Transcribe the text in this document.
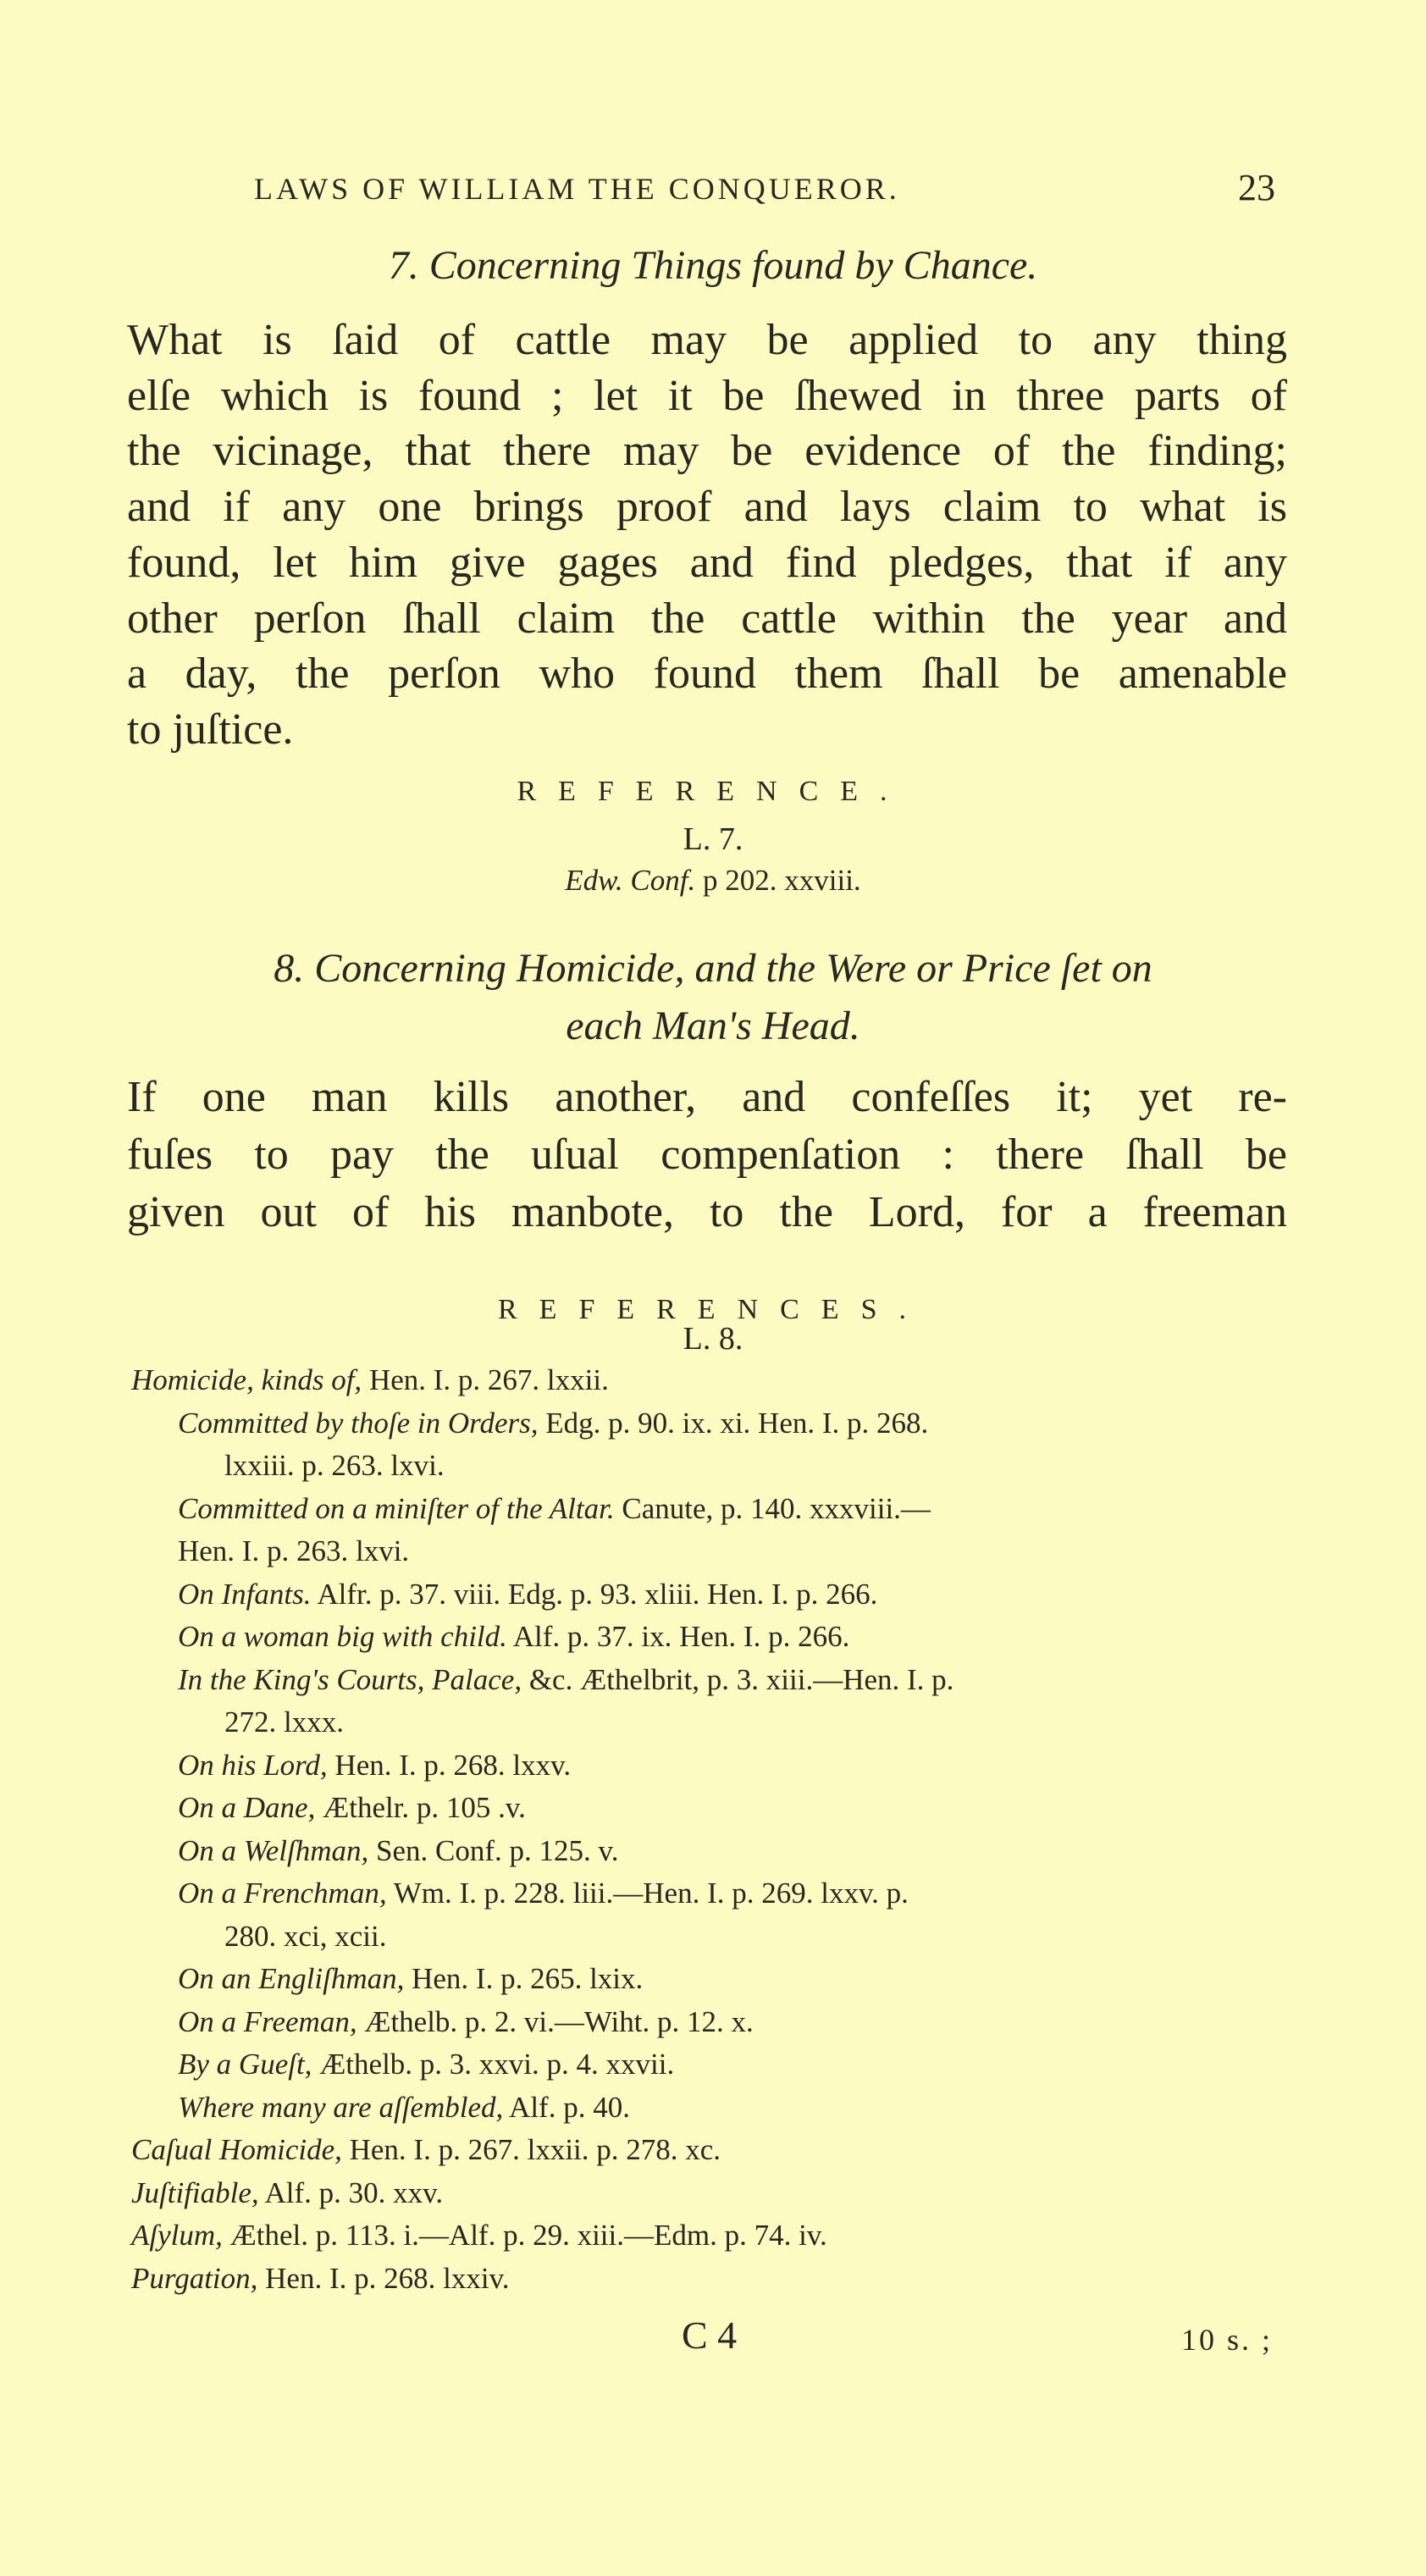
LAWS OF WILLIAM THE CONQUEROR.	23
7. Concerning Things found by Chance.
What is ſaid of cattle may be applied to any thing
elſe which is found ; let it be ſhewed in three parts of
the vicinage, that there may be evidence of the finding;
and if any one brings proof and lays claim to what is
found, let him give gages and find pledges, that if any
other perſon ſhall claim the cattle within the year and
a day, the perſon who found them ſhall be amenable
to juſtice.
REFERENCE.
L. 7.
Edw. Conf. p 202. xxviii.
8. Concerning Homicide, and the Were or Price ſet on
each Man's Head.
If one man kills another, and confeſſes it; yet re-
fuſes to pay the uſual compenſation : there ſhall be
given out of his manbote, to the Lord, for a freeman
REFERENCES.
L. 8.
Homicide, kinds of, Hen. I. p. 267. lxxii.
Committed by thoſe in Orders, Edg. p. 90. ix. xi. Hen. I. p. 268.
lxxiii. p. 263. lxvi.
Committed on a miniſter of the Altar. Canute, p. 140. xxxviii.—
Hen. I. p. 263. lxvi.
On Infants. Alfr. p. 37. viii. Edg. p. 93. xliii. Hen. I. p. 266.
On a woman big with child. Alf. p. 37. ix. Hen. I. p. 266.
In the King's Courts, Palace, &c. Æthelbrit, p. 3. xiii.—Hen. I. p.
272. lxxx.
On his Lord, Hen. I. p. 268. lxxv.
On a Dane, Æthelr. p. 105 .v.
On a Welſhman, Sen. Conf. p. 125. v.
On a Frenchman, Wm. I. p. 228. liii.—Hen. I. p. 269. lxxv. p.
280. xci, xcii.
On an Engliſhman, Hen. I. p. 265. lxix.
On a Freeman, Æthelb. p. 2. vi.—Wiht. p. 12. x.
By a Gueſt, Æthelb. p. 3. xxvi. p. 4. xxvii.
Where many are aſſembled, Alf. p. 40.
Caſual Homicide, Hen. I. p. 267. lxxii. p. 278. xc.
Juſtifiable, Alf. p. 30. xxv.
Aſylum, Æthel. p. 113. i.—Alf. p. 29. xiii.—Edm. p. 74. iv.
Purgation, Hen. I. p. 268. lxxiv.
C 4	10 s. ;
